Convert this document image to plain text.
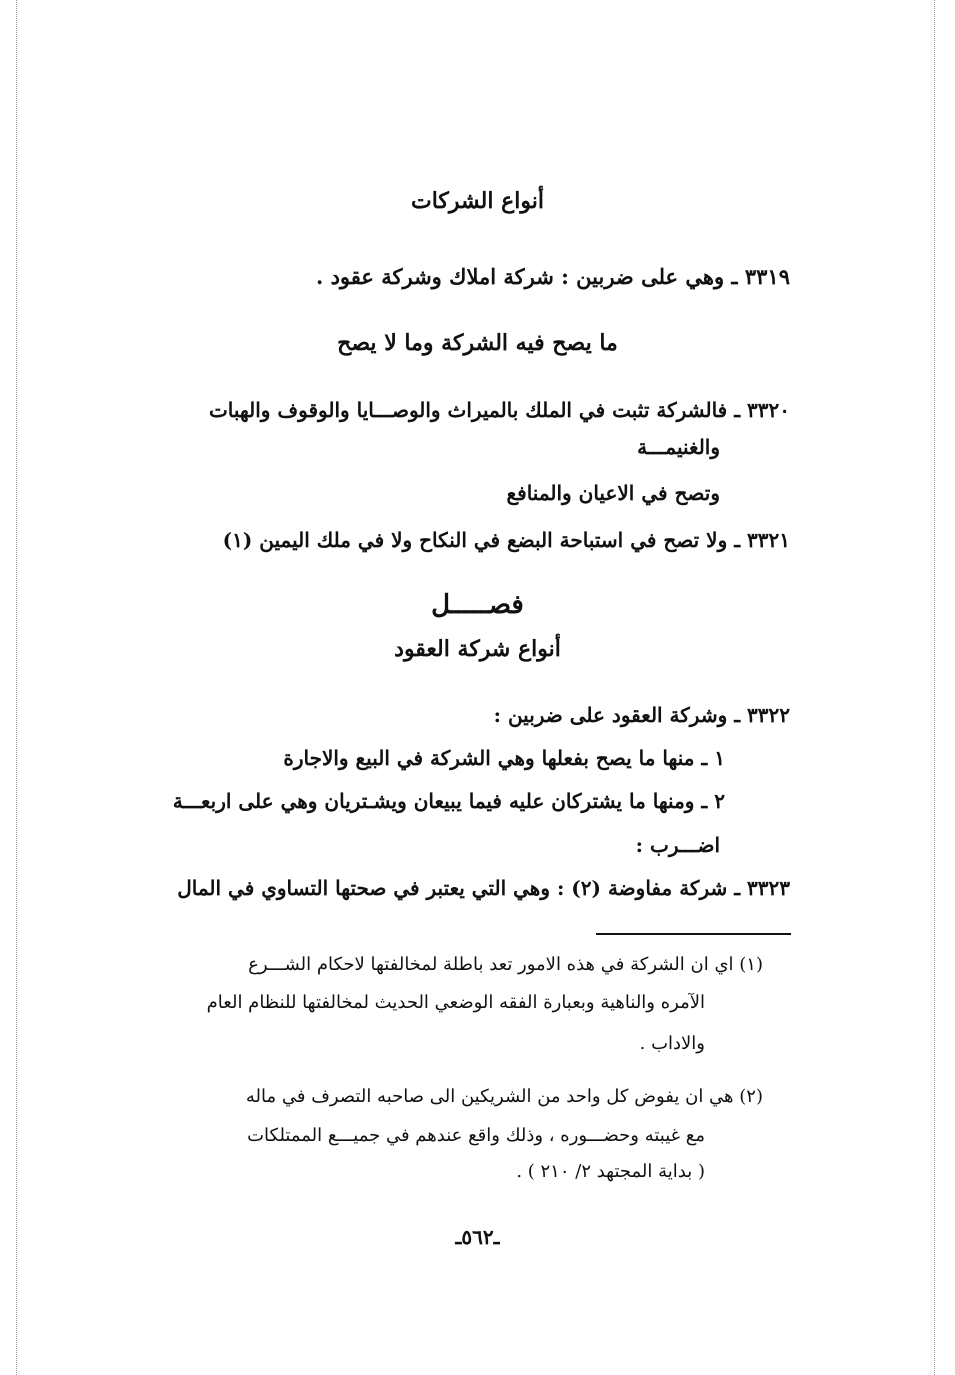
أنواع الشركات
٣٣١٩ ـ وهي على ضربين : شركة املاك وشركة عقود .
ما يصح فيه الشركة وما لا يصح
٣٣٢٠ ـ فالشركة تثبت في الملك بالميراث والوصـــايا والوقوف والهبات
والغنيمـــة
وتصح في الاعيان والمنافع
٣٣٢١ ـ ولا تصح في استباحة البضع في النكاح ولا في ملك اليمين (١)
فصـــــل
أنواع شركة العقود
٣٣٢٢ ـ وشركة العقود على ضربين :
١ ـ منها ما يصح بفعلها وهي الشركة في البيع والاجارة
٢ ـ ومنها ما يشتركان عليه فيما يبيعان ويشـتريان وهي على اربعـــة
اضـــرب :
٣٣٢٣ ـ شركة مفاوضة (٢) : وهي التي يعتبر في صحتها التساوي في المال
(١) اي ان الشركة في هذه الامور تعد باطلة لمخالفتها لاحكام الشـــرع
الآمره والناهية وبعبارة الفقه الوضعي الحديث لمخالفتها للنظام العام
والاداب .
(٢) هي ان يفوض كل واحد من الشريكين الى صاحبه التصرف في ماله
مع غيبته وحضـــوره ، وذلك واقع عندهم في جميـــع الممتلكات
( بداية المجتهد ٢/ ٢١٠ ) .
ـ٥٦٢ـ
